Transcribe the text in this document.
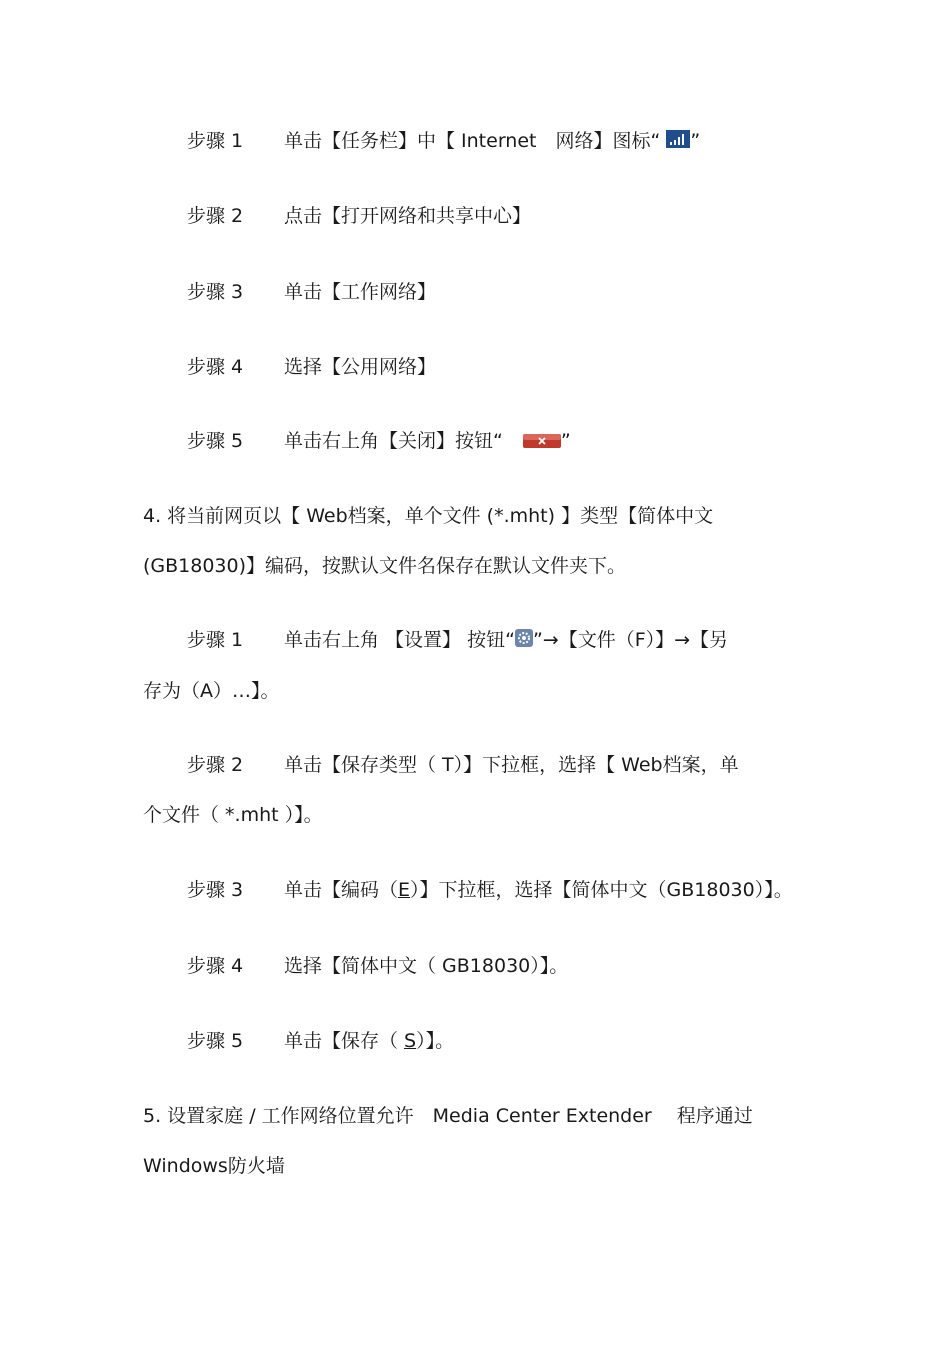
步骤 1 单击【任务栏】中【 Internet　网络】图标“ ”
步骤 2 点击【打开网络和共享中心】
步骤 3 单击【工作网络】
步骤 4 选择【公用网络】
步骤 5 单击右上角【关闭】按钮“	”
4. 将当前网页以【 Web档案，单个文件 (*.mht) 】类型【简体中文
(GB18030)】编码，按默认文件名保存在默认文件夹下。
步骤 1 单击右上角 【设置】 按钮“ ”→【文件（F）】→【另
存为（A）…】。
步骤 2 单击【保存类型（ T）】下拉框，选择【 Web档案，单
个文件（ *.mht ）】。
步骤 3 单击【编码（E）】下拉框，选择【简体中文（GB18030）】。
步骤 4 选择【简体中文（ GB18030）】。
步骤 5 单击【保存（ S）】。
5. 设置家庭 / 工作网络位置允许　Media Center Extender　 程序通过
Windows防火墙
